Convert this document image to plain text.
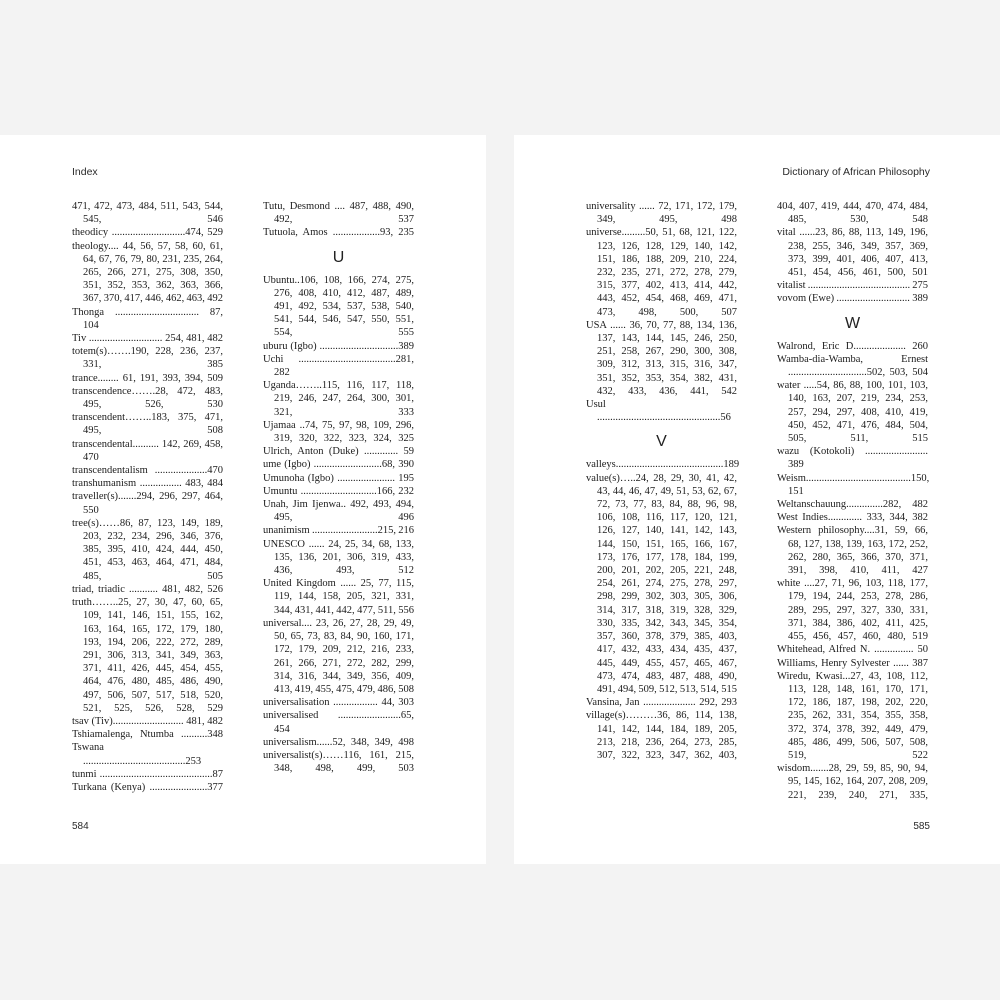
Index
471, 472, 473, 484, 511, 543, 544, 545, 546
theodicy ............................474, 529
theology.... 44, 56, 57, 58, 60, 61, 64, 67, 76, 79, 80, 231, 235, 264, 265, 266, 271, 275, 308, 350, 351, 352, 353, 362, 363, 366, 367, 370, 417, 446, 462, 463, 492
Thonga ................................ 87, 104
Tiv ............................ 254, 481, 482
totem(s)…….190, 228, 236, 237, 331, 385
trance........ 61, 191, 393, 394, 509
transcendence…….28, 472, 483, 495, 526, 530
transcendent……..183, 375, 471, 495, 508
transcendental.......... 142, 269, 458, 470
transcendentalism ....................470
transhumanism ................ 483, 484
traveller(s).......294, 296, 297, 464, 550
tree(s)……86, 87, 123, 149, 189, 203, 232, 234, 296, 346, 376, 385, 395, 410, 424, 444, 450, 451, 453, 463, 464, 471, 484, 485, 505
triad, triadic ........... 481, 482, 526
truth……..25, 27, 30, 47, 60, 65, 109, 141, 146, 151, 155, 162, 163, 164, 165, 172, 179, 180, 193, 194, 206, 222, 272, 289, 291, 306, 313, 341, 349, 363, 371, 411, 426, 445, 454, 455, 464, 476, 480, 485, 486, 490, 497, 506, 507, 517, 518, 520, 521, 525, 526, 528, 529
tsav (Tiv)........................... 481, 482
Tshiamalenga, Ntumba ..........348
Tswana .......................................253
tunmi ...........................................87
Turkana (Kenya) ......................377
Tutu, Desmond .... 487, 488, 490, 492, 537
Tutuola, Amos ..................93, 235
U
Ubuntu..106, 108, 166, 274, 275, 276, 408, 410, 412, 487, 489, 491, 492, 534, 537, 538, 540, 541, 544, 546, 547, 550, 551, 554, 555
uburu (Igbo) ..............................389
Uchi .....................................281, 282
Uganda……..115, 116, 117, 118, 219, 246, 247, 264, 300, 301, 321, 333
Ujamaa ..74, 75, 97, 98, 109, 296, 319, 320, 322, 323, 324, 325
Ulrich, Anton (Duke) ............. 59
ume (Igbo) ..........................68, 390
Umunoha (Igbo) ...................... 195
Umuntu .............................166, 232
Unah, Jim Ijenwa.. 492, 493, 494, 495, 496
unanimism .........................215, 216
UNESCO ...... 24, 25, 34, 68, 133, 135, 136, 201, 306, 319, 433, 436, 493, 512
United Kingdom ...... 25, 77, 115, 119, 144, 158, 205, 321, 331, 344, 431, 441, 442, 477, 511, 556
universal.... 23, 26, 27, 28, 29, 49, 50, 65, 73, 83, 84, 90, 160, 171, 172, 179, 209, 212, 216, 233, 261, 266, 271, 272, 282, 299, 314, 316, 344, 349, 356, 409, 413, 419, 455, 475, 479, 486, 508
universalisation ................. 44, 303
universalised ........................65, 454
universalism......52, 348, 349, 498
universalist(s)……116, 161, 215, 348, 498, 499, 503
584
Dictionary of African Philosophy
universality ...... 72, 171, 172, 179, 349, 495, 498
universe.........50, 51, 68, 121, 122, 123, 126, 128, 129, 140, 142, 151, 186, 188, 209, 210, 224, 232, 235, 271, 272, 278, 279, 315, 377, 402, 413, 414, 442, 443, 452, 454, 468, 469, 471, 473, 498, 500, 507
USA ...... 36, 70, 77, 88, 134, 136, 137, 143, 144, 145, 246, 250, 251, 258, 267, 290, 300, 308, 309, 312, 313, 315, 316, 347, 351, 352, 353, 354, 382, 431, 432, 433, 436, 441, 542
Usul ...............................................56
V
valleys.........................................189
value(s)…..24, 28, 29, 30, 41, 42, 43, 44, 46, 47, 49, 51, 53, 62, 67, 72, 73, 77, 83, 84, 88, 96, 98, 106, 108, 116, 117, 120, 121, 126, 127, 140, 141, 142, 143, 144, 150, 151, 165, 166, 167, 173, 176, 177, 178, 184, 199, 200, 201, 202, 205, 221, 248, 254, 261, 274, 275, 278, 297, 298, 299, 302, 303, 305, 306, 314, 317, 318, 319, 328, 329, 330, 335, 342, 343, 345, 354, 357, 360, 378, 379, 385, 403, 417, 432, 433, 434, 435, 437, 445, 449, 455, 457, 465, 467, 473, 474, 483, 487, 488, 490, 491, 494, 509, 512, 513, 514, 515
Vansina, Jan .................... 292, 293
village(s)………36, 86, 114, 138, 141, 142, 144, 184, 189, 205, 213, 218, 236, 264, 273, 285, 307, 322, 323, 347, 362, 403,
404, 407, 419, 444, 470, 474, 484, 485, 530, 548
vital ......23, 86, 88, 113, 149, 196, 238, 255, 346, 349, 357, 369, 373, 399, 401, 406, 407, 413, 451, 454, 456, 461, 500, 501
vitalist ....................................... 275
vovom (Ewe) ............................ 389
W
Walrond, Eric D.................... 260
Wamba-dia-Wamba, Ernest ..............................502, 503, 504
water .....54, 86, 88, 100, 101, 103, 140, 163, 207, 219, 234, 253, 257, 294, 297, 408, 410, 419, 450, 452, 471, 476, 484, 504, 505, 511, 515
wazu (Kotokoli) ........................ 389
Weism........................................150, 151
Weltanschauung..............282, 482
West Indies............. 333, 344, 382
Western philosophy....31, 59, 66, 68, 127, 138, 139, 163, 172, 252, 262, 280, 365, 366, 370, 371, 391, 398, 410, 411, 427
white ....27, 71, 96, 103, 118, 177, 179, 194, 244, 253, 278, 286, 289, 295, 297, 327, 330, 331, 371, 384, 386, 402, 411, 425, 455, 456, 457, 460, 480, 519
Whitehead, Alfred N. ............... 50
Williams, Henry Sylvester ...... 387
Wiredu, Kwasi...27, 43, 108, 112, 113, 128, 148, 161, 170, 171, 172, 186, 187, 198, 202, 220, 235, 262, 331, 354, 355, 358, 372, 374, 378, 392, 449, 479, 485, 486, 499, 506, 507, 508, 519, 522
wisdom.......28, 29, 59, 85, 90, 94, 95, 145, 162, 164, 207, 208, 209, 221, 239, 240, 271, 335,
585
